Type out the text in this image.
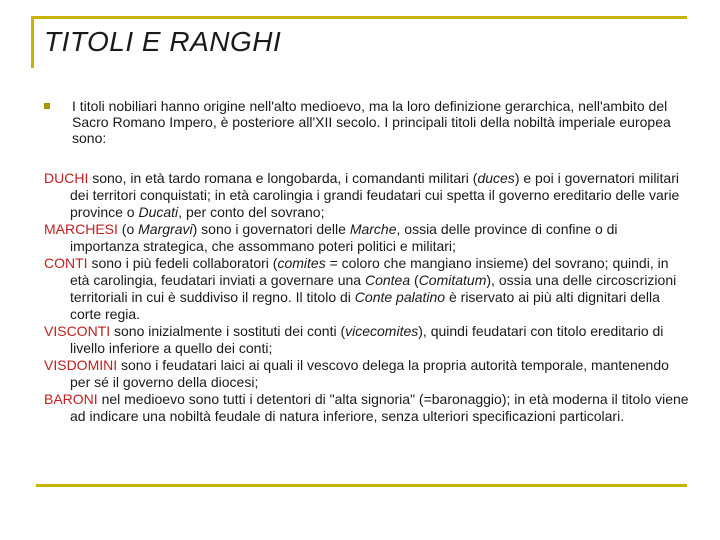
TITOLI E RANGHI
I titoli nobiliari hanno origine nell'alto medioevo, ma la loro definizione gerarchica, nell'ambito del Sacro Romano Impero, è posteriore all'XII secolo. I principali titoli della nobiltà imperiale europea sono:

DUCHI sono, in età tardo romana e longobarda, i comandanti militari (duces) e poi i governatori militari dei territori conquistati; in età carolingia i grandi feudatari cui spetta il governo ereditario delle varie province o Ducati, per conto del sovrano;

MARCHESI (o Margravi) sono i governatori delle Marche, ossia delle province di confine o di importanza strategica, che assommano poteri politici e militari;

CONTI sono i più fedeli collaboratori (comites = coloro che mangiano insieme) del sovrano; quindi, in età carolingia, feudatari inviati a governare una Contea (Comitatum), ossia una delle circoscrizioni territoriali in cui è suddiviso il regno. Il titolo di Conte palatino è riservato ai più alti dignitari della corte regia.

VISCONTI sono inizialmente i sostituti dei conti (vicecomites), quindi feudatari con titolo ereditario di livello inferiore a quello dei conti;

VISDOMINI sono i feudatari laici ai quali il vescovo delega la propria autorità temporale, mantenendo per sé il governo della diocesi;

BARONI nel medioevo sono tutti i detentori di "alta signoria" (=baronaggio); in età moderna il titolo viene ad indicare una nobiltà feudale di natura inferiore, senza ulteriori specificazioni particolari.
